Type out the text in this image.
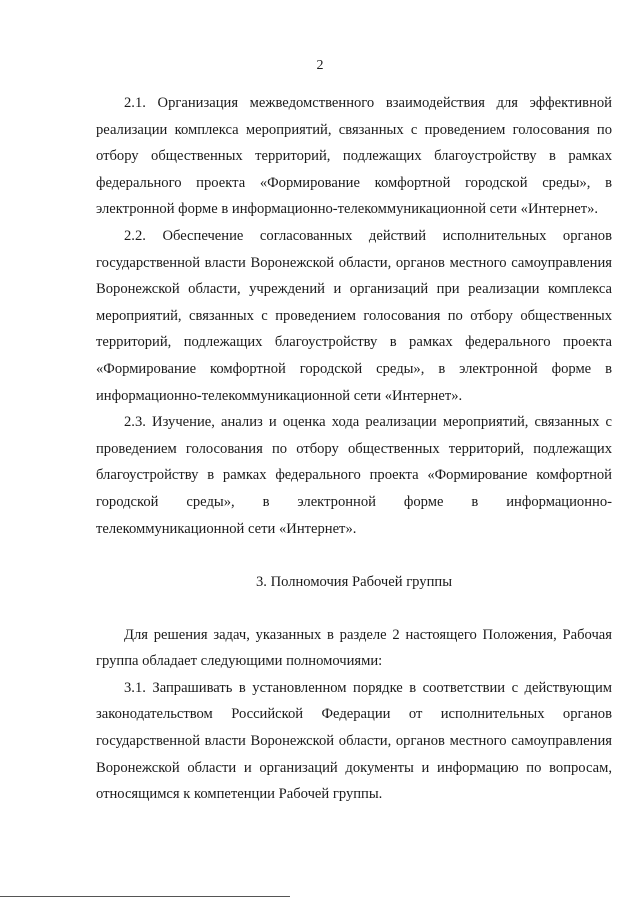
2

2.1. Организация межведомственного взаимодействия для эффективной реализации комплекса мероприятий, связанных с проведением голосования по отбору общественных территорий, подлежащих благоустройству в рамках федерального проекта «Формирование комфортной городской среды», в электронной форме в информационно-телекоммуникационной сети «Интернет».

2.2. Обеспечение согласованных действий исполнительных органов государственной власти Воронежской области, органов местного самоуправления Воронежской области, учреждений и организаций при реализации комплекса мероприятий, связанных с проведением голосования по отбору общественных территорий, подлежащих благоустройству в рамках федерального проекта «Формирование комфортной городской среды», в электронной форме в информационно-телекоммуникационной сети «Интернет».

2.3. Изучение, анализ и оценка хода реализации мероприятий, связанных с проведением голосования по отбору общественных территорий, подлежащих благоустройству в рамках федерального проекта «Формирование комфортной городской среды», в электронной форме в информационно-телекоммуникационной сети «Интернет».

3. Полномочия Рабочей группы

Для решения задач, указанных в разделе 2 настоящего Положения, Рабочая группа обладает следующими полномочиями:

3.1. Запрашивать в установленном порядке в соответствии с действующим законодательством Российской Федерации от исполнительных органов государственной власти Воронежской области, органов местного самоуправления Воронежской области и организаций документы и информацию по вопросам, относящимся к компетенции Рабочей группы.
